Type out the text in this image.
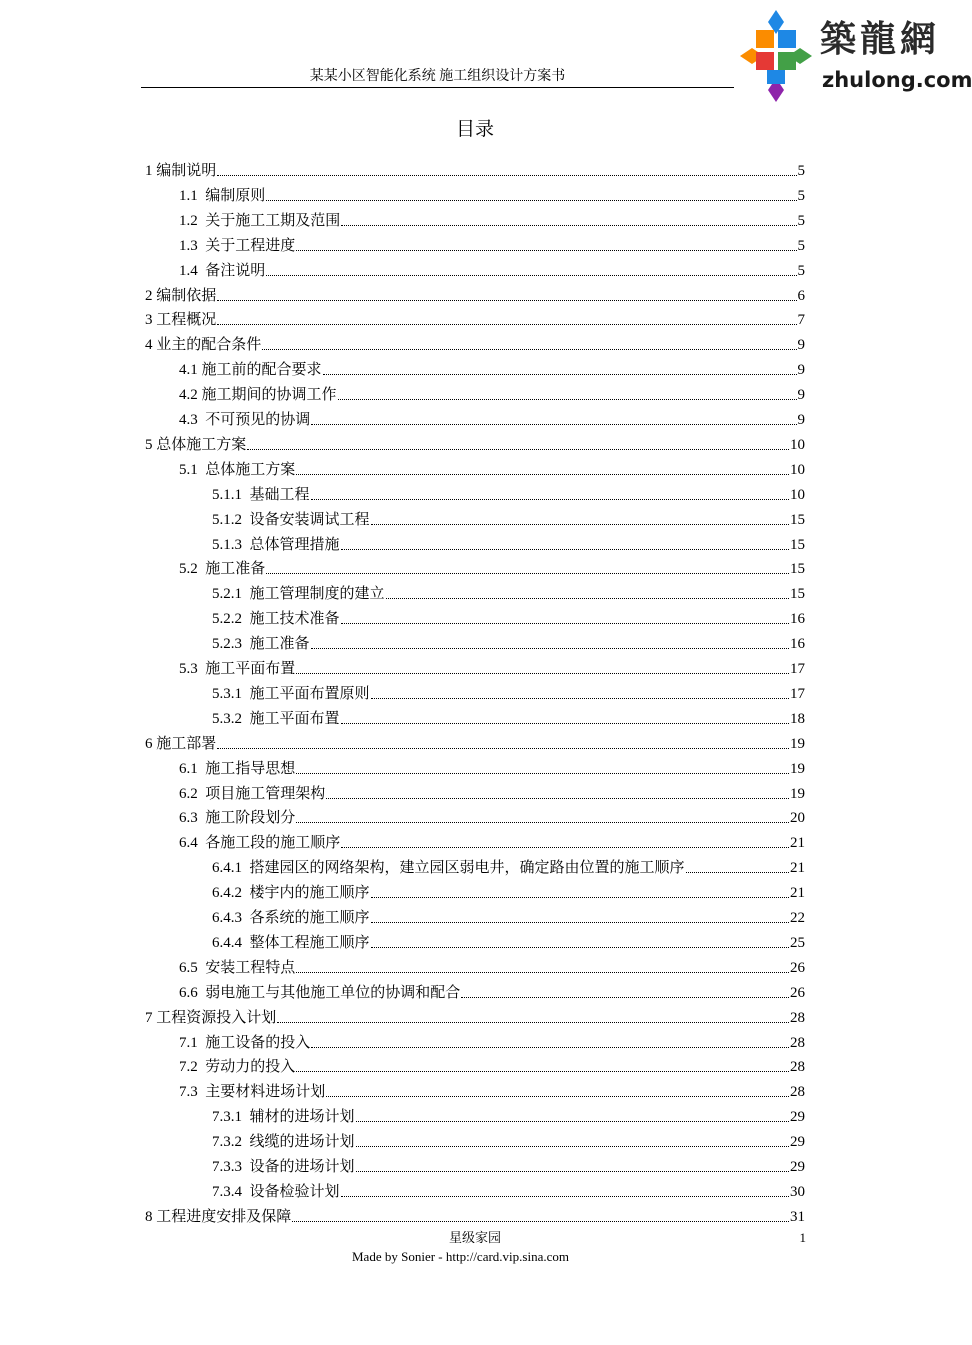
某某小区智能化系统 施工组织设计方案书
築龍網
zhulong.com
目录
1 编制说明	5
1.1 编制原则	5
1.2 关于施工工期及范围	5
1.3 关于工程进度	5
1.4 备注说明	5
2 编制依据	6
3 工程概况	7
4 业主的配合条件	9
4.1 施工前的配合要求	9
4.2 施工期间的协调工作	9
4.3 不可预见的协调	9
5 总体施工方案	10
5.1 总体施工方案	10
5.1.1 基础工程	10
5.1.2 设备安装调试工程	15
5.1.3 总体管理措施	15
5.2 施工准备	15
5.2.1 施工管理制度的建立	15
5.2.2 施工技术准备	16
5.2.3 施工准备	16
5.3 施工平面布置	17
5.3.1 施工平面布置原则	17
5.3.2 施工平面布置	18
6 施工部署	19
6.1 施工指导思想	19
6.2 项目施工管理架构	19
6.3 施工阶段划分	20
6.4 各施工段的施工顺序	21
6.4.1 搭建园区的网络架构，建立园区弱电井，确定路由位置的施工顺序	21
6.4.2 楼宇内的施工顺序	21
6.4.3 各系统的施工顺序	22
6.4.4 整体工程施工顺序	25
6.5 安装工程特点	26
6.6 弱电施工与其他施工单位的协调和配合	26
7 工程资源投入计划	28
7.1 施工设备的投入	28
7.2 劳动力的投入	28
7.3 主要材料进场计划	28
7.3.1 辅材的进场计划	29
7.3.2 线缆的进场计划	29
7.3.3 设备的进场计划	29
7.3.4 设备检验计划	30
8 工程进度安排及保障	31
星级家园	1
Made by Sonier - http://card.vip.sina.com
